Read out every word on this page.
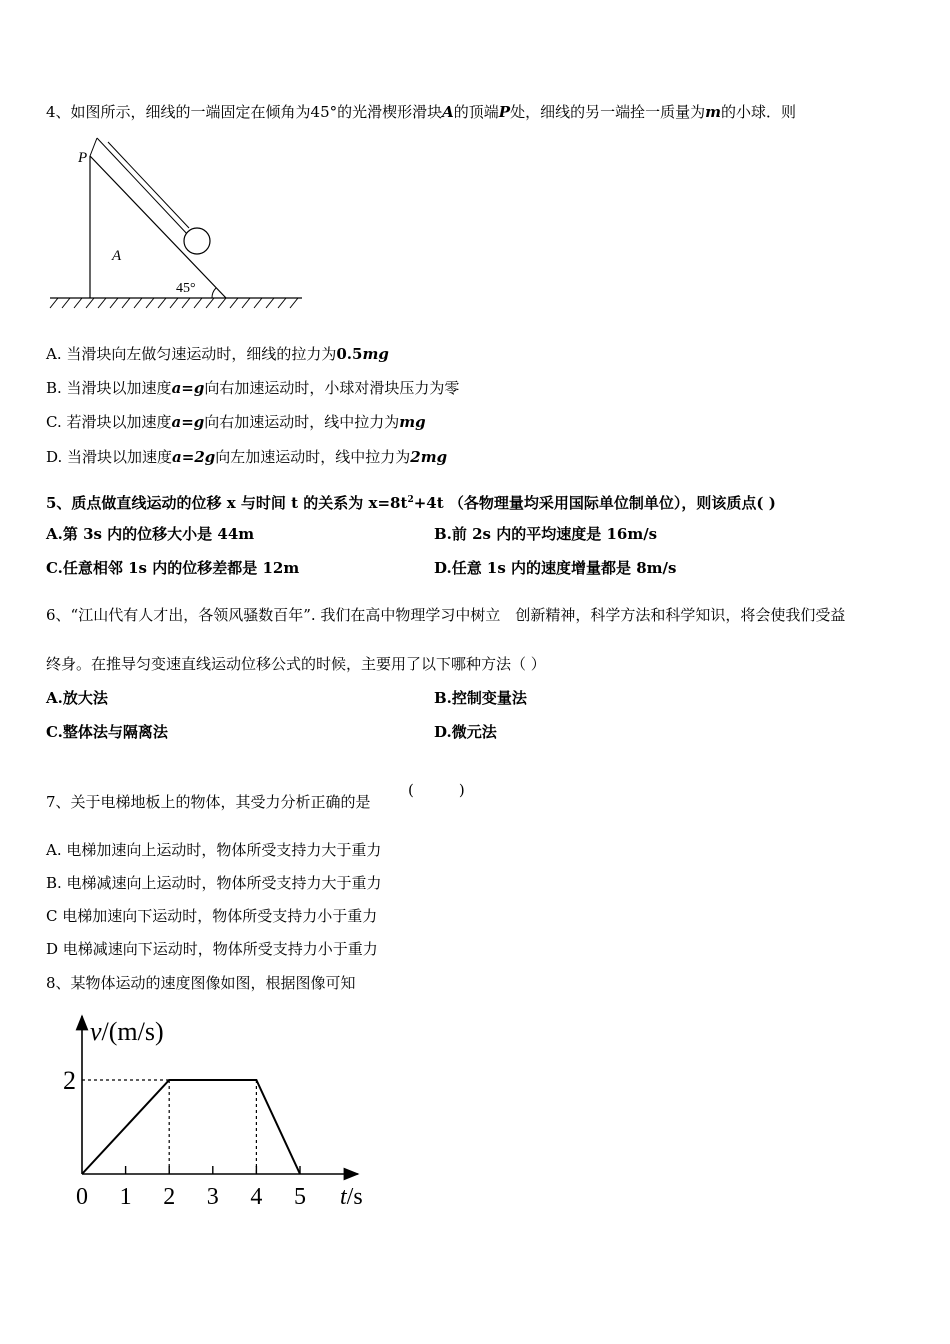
4、如图所示，细线的一端固定在倾角为45°的光滑楔形滑块A的顶端P处，细线的另一端拴一质量为m的小球．则
P
A
45°
A. 当滑块向左做匀速运动时，细线的拉力为0.5mg
B. 当滑块以加速度a=g向右加速运动时，小球对滑块压力为零
C. 若滑块以加速度a=g向右加速运动时，线中拉力为mg
D. 当滑块以加速度a=2g向左加速运动时，线中拉力为2mg
5、质点做直线运动的位移 x 与时间 t 的关系为 $x=8t^2+4t$ （各物理量均采用国际单位制单位），则该质点( )
A.第 3s 内的位移大小是 44m	B.前 2s 内的平均速度是 16m/s
C.任意相邻 1s 内的位移差都是 12m	D.任意 1s 内的速度增量都是 8m/s
6、“江山代有人才出，各领风骚数百年”. 我们在高中物理学习中树立　创新精神，科学方法和科学知识，将会使我们受益
终身。在推导匀变速直线运动位移公式的时候，主要用了以下哪种方法（ ）
A.放大法	B.控制变量法
C.整体法与隔离法	D.微元法
7、关于电梯地板上的物体，其受力分析正确的是
(　　　)
A. 电梯加速向上运动时，物体所受支持力大于重力
B. 电梯减速向上运动时，物体所受支持力大于重力
C 电梯加速向下运动时，物体所受支持力小于重力
D 电梯减速向下运动时，物体所受支持力小于重力
8、某物体运动的速度图像如图，根据图像可知
0 1 2 3 4 5
2
v/(m/s)
t/s
